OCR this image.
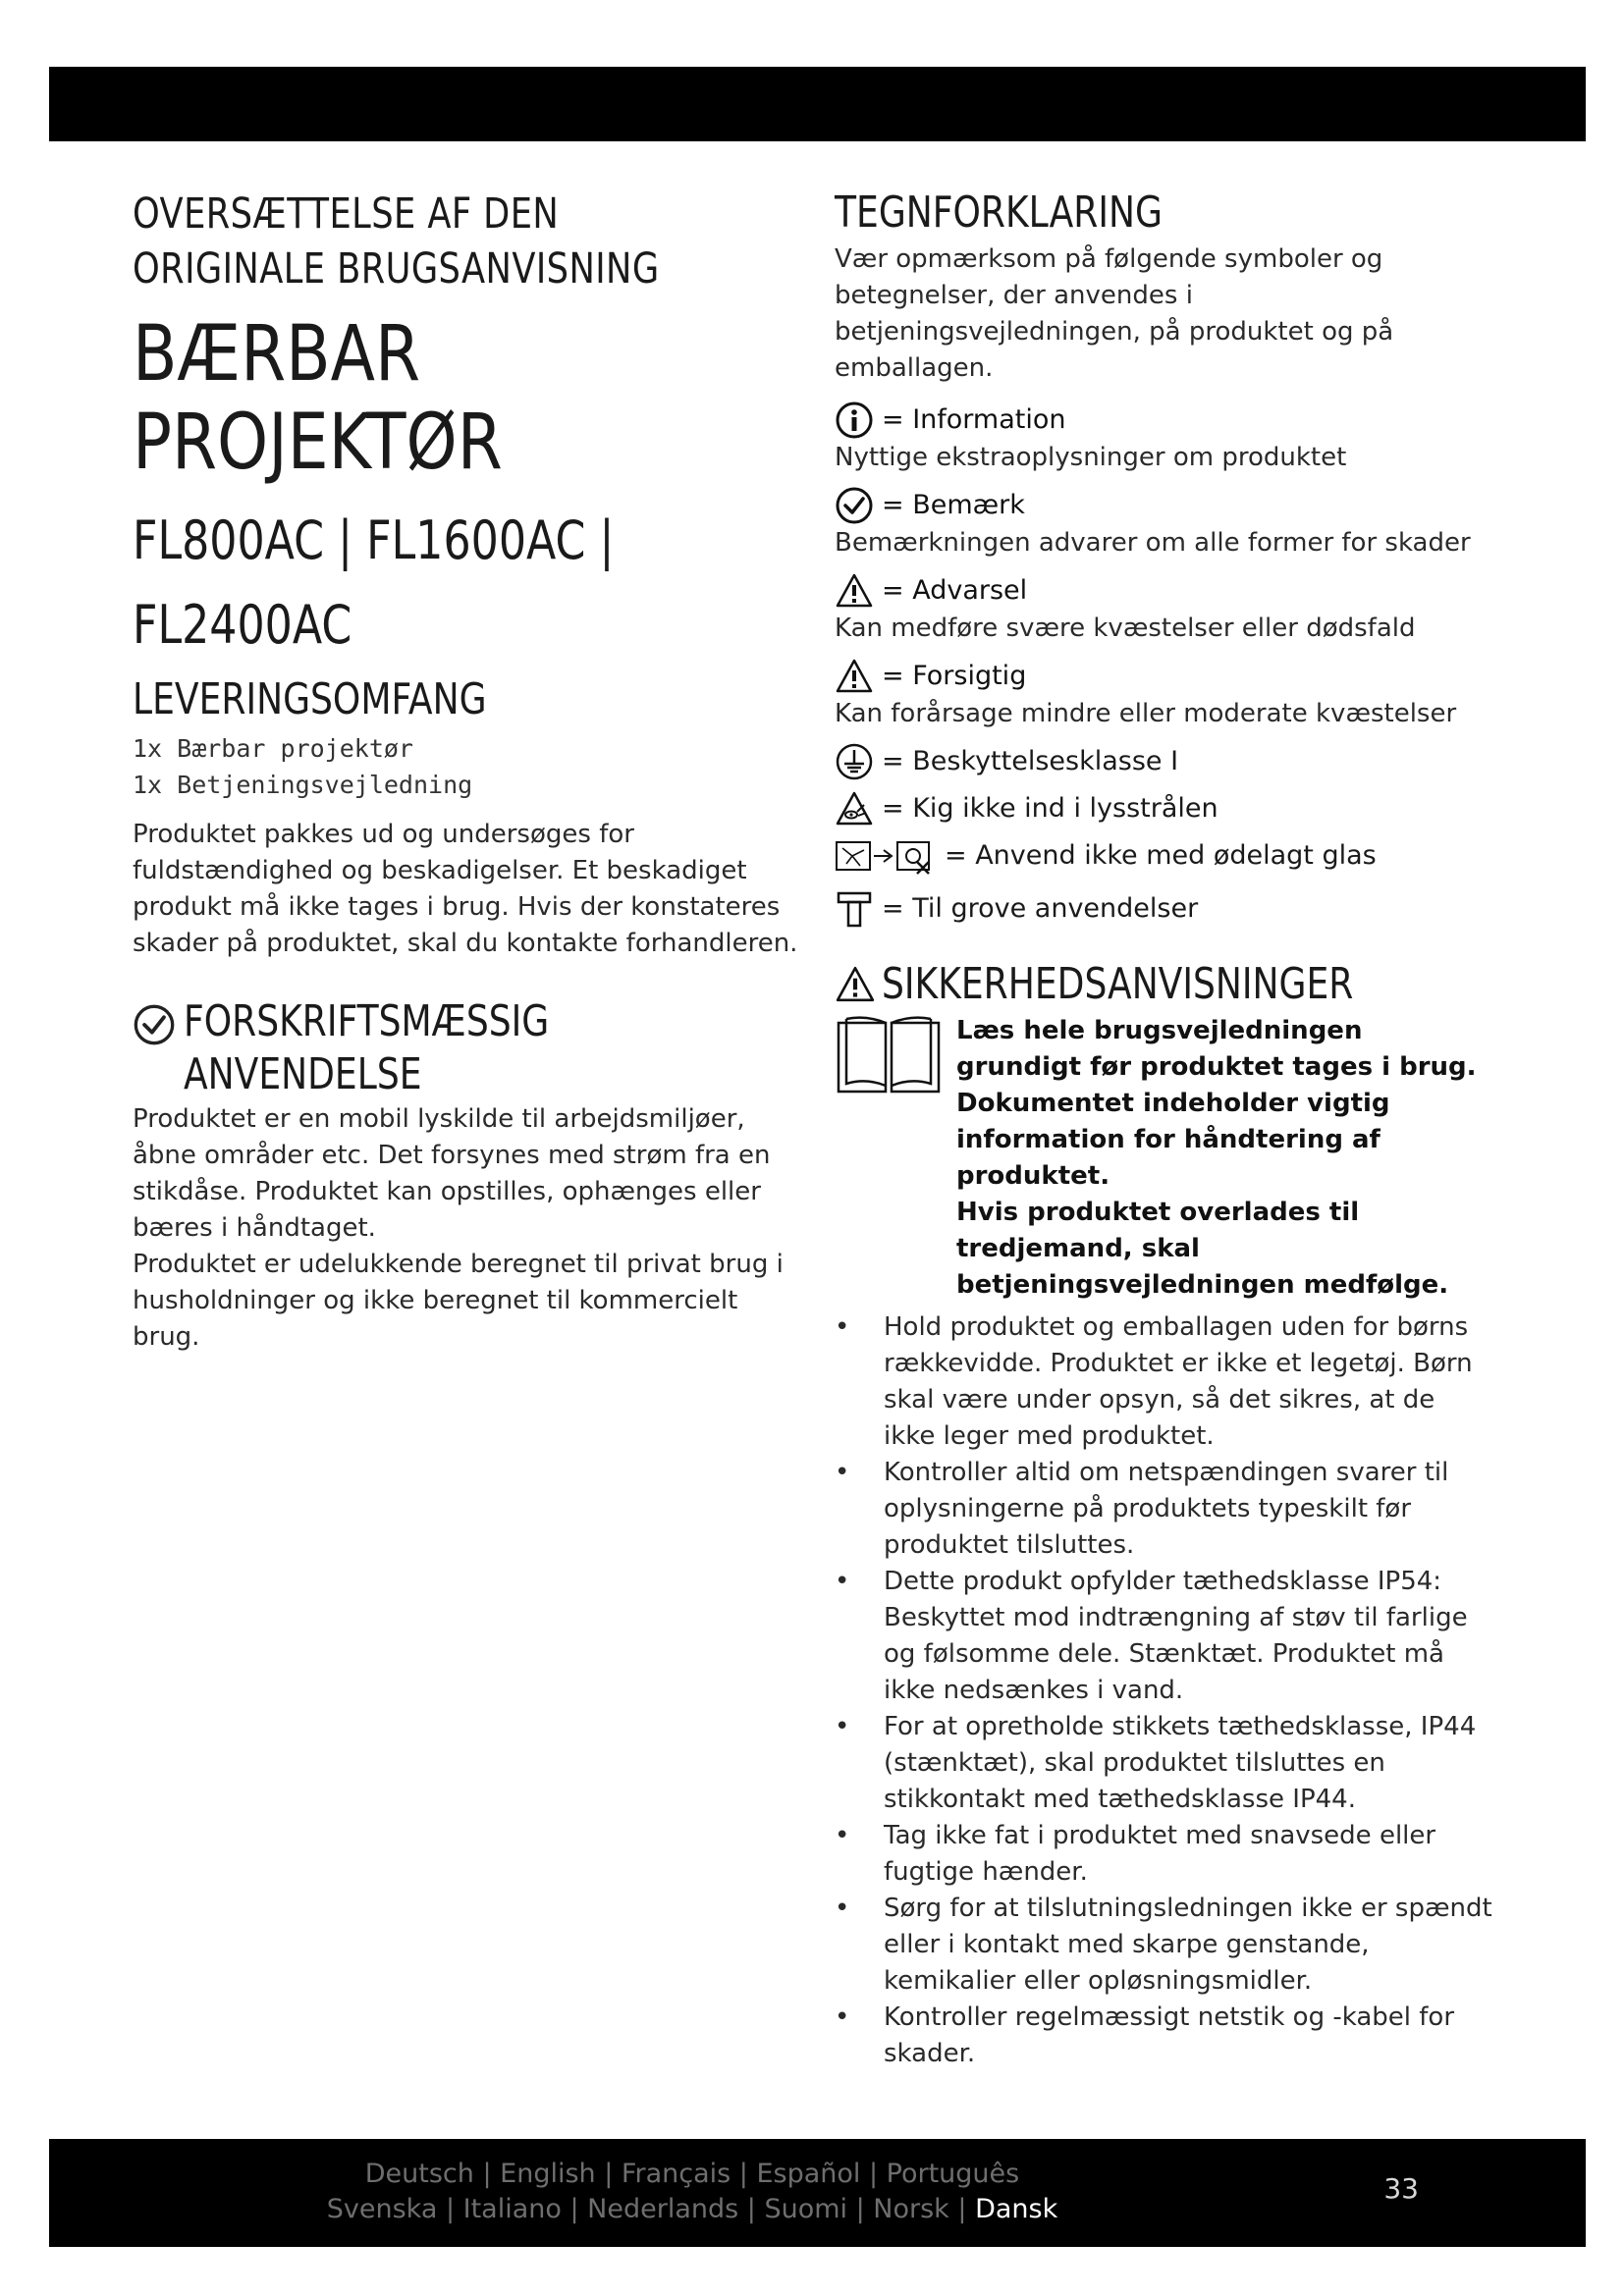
OVERSÆTTELSE AF DEN
ORIGINALE BRUGSANVISNING
BÆRBAR
PROJEKTØR
FL800AC | FL1600AC |
FL2400AC
LEVERINGSOMFANG
1x Bærbar projektør
1x Betjeningsvejledning
Produktet pakkes ud og undersøges for fuldstændighed og beskadigelser. Et beskadiget produkt må ikke tages i brug. Hvis der konstateres skader på produktet, skal du kontakte forhandleren.
FORSKRIFTSMÆSSIG
ANVENDELSE
Produktet er en mobil lyskilde til arbejdsmiljøer, åbne områder etc. Det forsynes med strøm fra en stikdåse. Produktet kan opstilles, ophænges eller bæres i håndtaget.
Produktet er udelukkende beregnet til privat brug i husholdninger og ikke beregnet til kommercielt brug.
TEGNFORKLARING
Vær opmærksom på følgende symboler og betegnelser, der anvendes i betjeningsvejledningen, på produktet og på emballagen.
= Information
Nyttige ekstraoplysninger om produktet
= Bemærk
Bemærkningen advarer om alle former for skader
= Advarsel
Kan medføre svære kvæstelser eller dødsfald
= Forsigtig
Kan forårsage mindre eller moderate kvæstelser
= Beskyttelsesklasse I
= Kig ikke ind i lysstrålen
= Anvend ikke med ødelagt glas
= Til grove anvendelser
SIKKERHEDSANVISNINGER
Læs hele brugsvejledningen grundigt før produktet tages i brug. Dokumentet indeholder vigtig information for håndtering af produktet.
Hvis produktet overlades til tredjemand, skal betjeningsvejledningen medfølge.
• Hold produktet og emballagen uden for børns rækkevidde. Produktet er ikke et legetøj. Børn skal være under opsyn, så det sikres, at de ikke leger med produktet.
• Kontroller altid om netspændingen svarer til oplysningerne på produktets typeskilt før produktet tilsluttes.
• Dette produkt opfylder tæthedsklasse IP54: Beskyttet mod indtrængning af støv til farlige og følsomme dele. Stænktæt. Produktet må ikke nedsænkes i vand.
• For at opretholde stikkets tæthedsklasse, IP44 (stænktæt), skal produktet tilsluttes en stikkontakt med tæthedsklasse IP44.
• Tag ikke fat i produktet med snavsede eller fugtige hænder.
• Sørg for at tilslutningsledningen ikke er spændt eller i kontakt med skarpe genstande, kemikalier eller opløsningsmidler.
• Kontroller regelmæssigt netstik og -kabel for skader.
Deutsch | English | Français | Español | Português
Svenska | Italiano | Nederlands | Suomi | Norsk | Dansk
33
